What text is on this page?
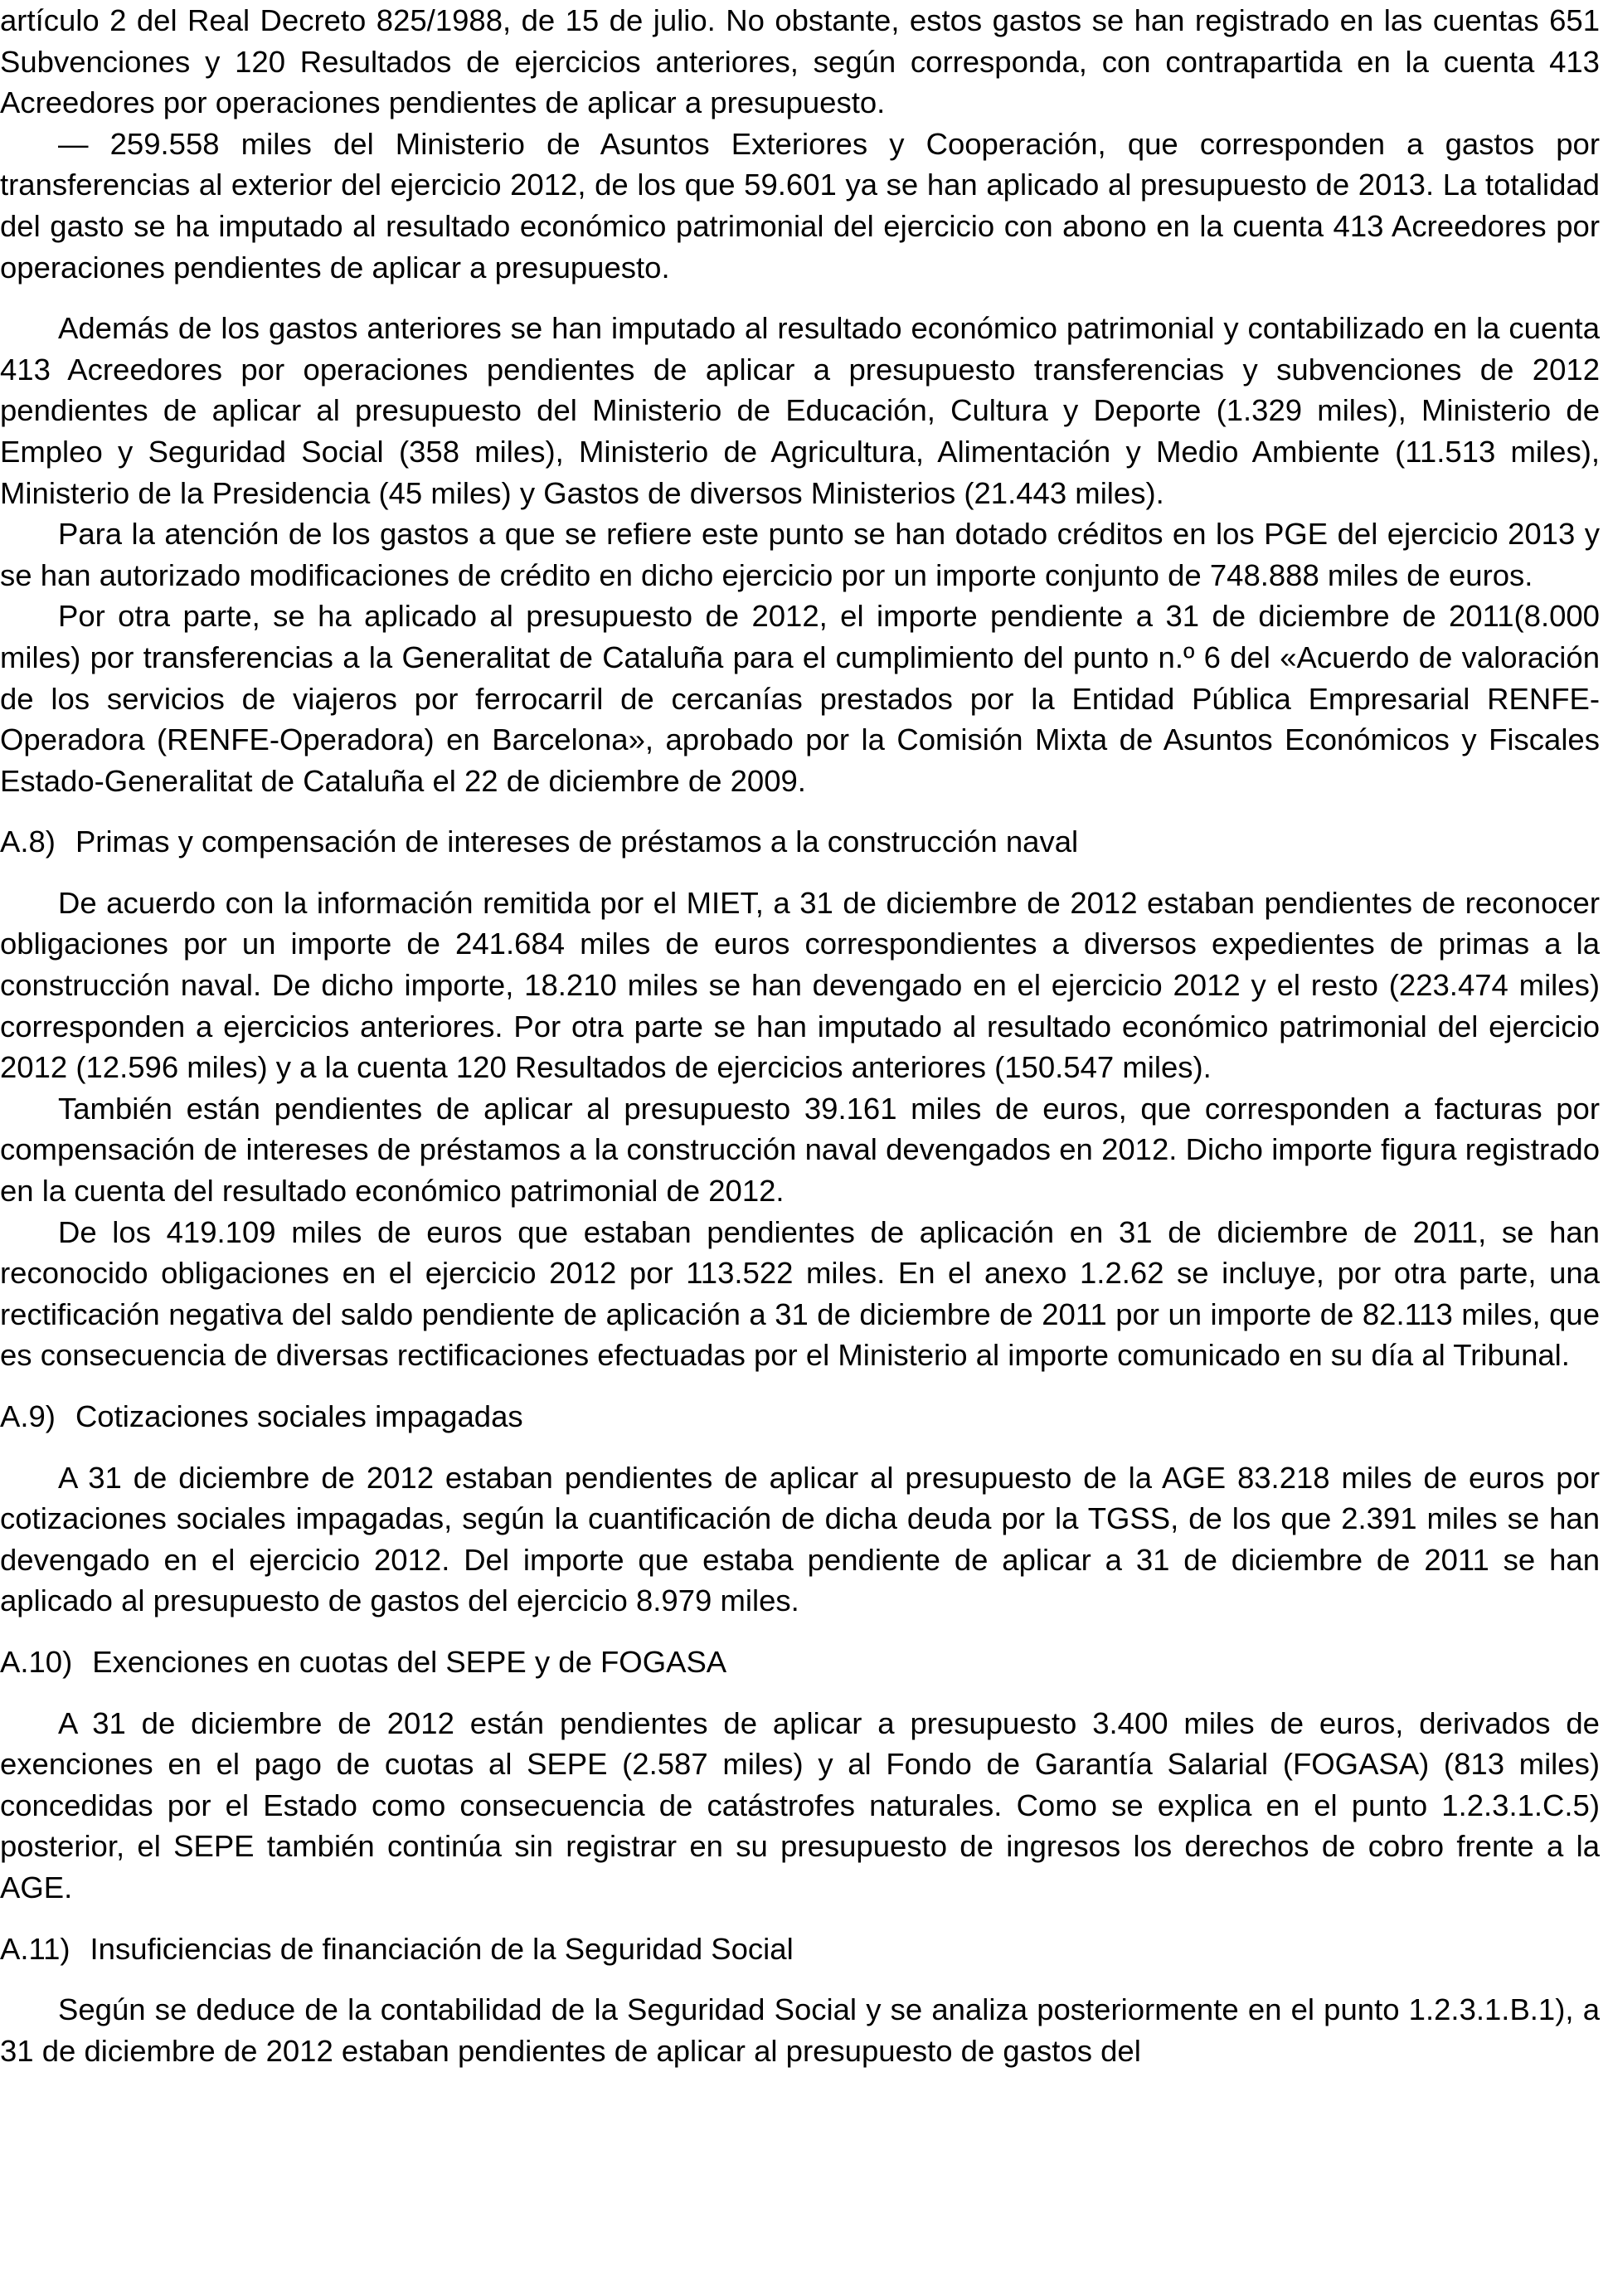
artículo 2 del Real Decreto 825/1988, de 15 de julio. No obstante, estos gastos se han registrado en las cuentas 651 Subvenciones y 120 Resultados de ejercicios anteriores, según corresponda, con contrapartida en la cuenta 413 Acreedores por operaciones pendientes de aplicar a presupuesto.

— 259.558 miles del Ministerio de Asuntos Exteriores y Cooperación, que corresponden a gastos por transferencias al exterior del ejercicio 2012, de los que 59.601 ya se han aplicado al presupuesto de 2013. La totalidad del gasto se ha imputado al resultado económico patrimonial del ejercicio con abono en la cuenta 413 Acreedores por operaciones pendientes de aplicar a presupuesto.

Además de los gastos anteriores se han imputado al resultado económico patrimonial y contabilizado en la cuenta 413 Acreedores por operaciones pendientes de aplicar a presupuesto transferencias y subvenciones de 2012 pendientes de aplicar al presupuesto del Ministerio de Educación, Cultura y Deporte (1.329 miles), Ministerio de Empleo y Seguridad Social (358 miles), Ministerio de Agricultura, Alimentación y Medio Ambiente (11.513 miles), Ministerio de la Presidencia (45 miles) y Gastos de diversos Ministerios (21.443 miles).

Para la atención de los gastos a que se refiere este punto se han dotado créditos en los PGE del ejercicio 2013 y se han autorizado modificaciones de crédito en dicho ejercicio por un importe conjunto de 748.888 miles de euros.

Por otra parte, se ha aplicado al presupuesto de 2012, el importe pendiente a 31 de diciembre de 2011(8.000 miles) por transferencias a la Generalitat de Cataluña para el cumplimiento del punto n.º 6 del «Acuerdo de valoración de los servicios de viajeros por ferrocarril de cercanías prestados por la Entidad Pública Empresarial RENFE-Operadora (RENFE-Operadora) en Barcelona», aprobado por la Comisión Mixta de Asuntos Económicos y Fiscales Estado-Generalitat de Cataluña el 22 de diciembre de 2009.

A.8) Primas y compensación de intereses de préstamos a la construcción naval

De acuerdo con la información remitida por el MIET, a 31 de diciembre de 2012 estaban pendientes de reconocer obligaciones por un importe de 241.684 miles de euros correspondientes a diversos expedientes de primas a la construcción naval. De dicho importe, 18.210 miles se han devengado en el ejercicio 2012 y el resto (223.474 miles) corresponden a ejercicios anteriores. Por otra parte se han imputado al resultado económico patrimonial del ejercicio 2012 (12.596 miles) y a la cuenta 120 Resultados de ejercicios anteriores (150.547 miles).

También están pendientes de aplicar al presupuesto 39.161 miles de euros, que corresponden a facturas por compensación de intereses de préstamos a la construcción naval devengados en 2012. Dicho importe figura registrado en la cuenta del resultado económico patrimonial de 2012.

De los 419.109 miles de euros que estaban pendientes de aplicación en 31 de diciembre de 2011, se han reconocido obligaciones en el ejercicio 2012 por 113.522 miles. En el anexo 1.2.62 se incluye, por otra parte, una rectificación negativa del saldo pendiente de aplicación a 31 de diciembre de 2011 por un importe de 82.113 miles, que es consecuencia de diversas rectificaciones efectuadas por el Ministerio al importe comunicado en su día al Tribunal.

A.9) Cotizaciones sociales impagadas

A 31 de diciembre de 2012 estaban pendientes de aplicar al presupuesto de la AGE 83.218 miles de euros por cotizaciones sociales impagadas, según la cuantificación de dicha deuda por la TGSS, de los que 2.391 miles se han devengado en el ejercicio 2012. Del importe que estaba pendiente de aplicar a 31 de diciembre de 2011 se han aplicado al presupuesto de gastos del ejercicio 8.979 miles.

A.10) Exenciones en cuotas del SEPE y de FOGASA

A 31 de diciembre de 2012 están pendientes de aplicar a presupuesto 3.400 miles de euros, derivados de exenciones en el pago de cuotas al SEPE (2.587 miles) y al Fondo de Garantía Salarial (FOGASA) (813 miles) concedidas por el Estado como consecuencia de catástrofes naturales. Como se explica en el punto 1.2.3.1.C.5) posterior, el SEPE también continúa sin registrar en su presupuesto de ingresos los derechos de cobro frente a la AGE.

A.11) Insuficiencias de financiación de la Seguridad Social

Según se deduce de la contabilidad de la Seguridad Social y se analiza posteriormente en el punto 1.2.3.1.B.1), a 31 de diciembre de 2012 estaban pendientes de aplicar al presupuesto de gastos del
